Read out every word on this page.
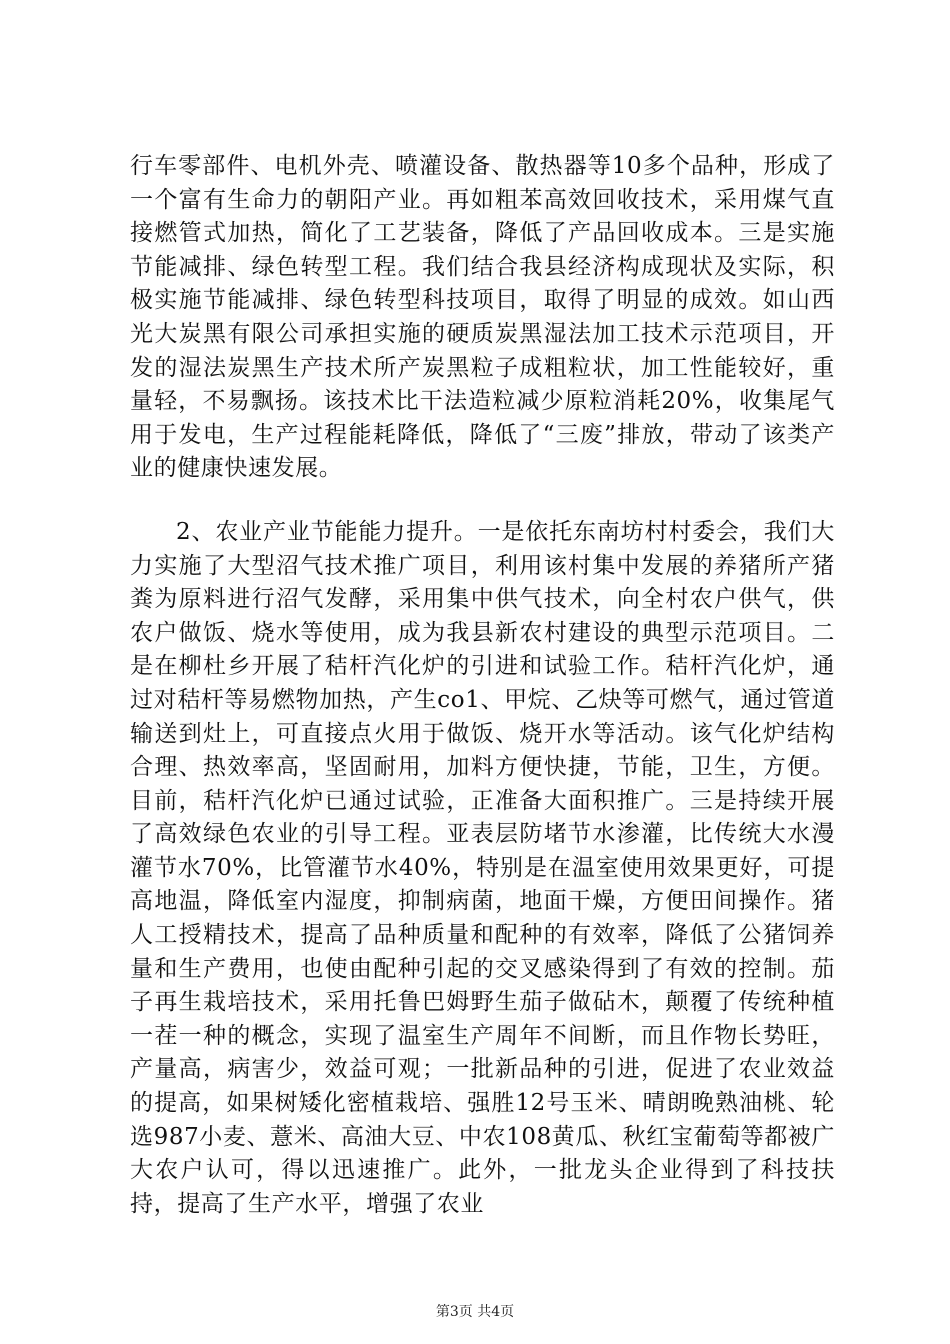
行车零部件、电机外壳、喷灌设备、散热器等10多个品种，形成了一个富有生命力的朝阳产业。再如粗苯高效回收技术，采用煤气直接燃管式加热，简化了工艺装备，降低了产品回收成本。三是实施节能减排、绿色转型工程。我们结合我县经济构成现状及实际，积极实施节能减排、绿色转型科技项目，取得了明显的成效。如山西光大炭黑有限公司承担实施的硬质炭黑湿法加工技术示范项目，开发的湿法炭黑生产技术所产炭黑粒子成粗粒状，加工性能较好，重量轻，不易飘扬。该技术比干法造粒减少原粒消耗20%，收集尾气用于发电，生产过程能耗降低，降低了“三废”排放，带动了该类产业的健康快速发展。

2、农业产业节能能力提升。一是依托东南坊村村委会，我们大力实施了大型沼气技术推广项目，利用该村集中发展的养猪所产猪粪为原料进行沼气发酵，采用集中供气技术，向全村农户供气，供农户做饭、烧水等使用，成为我县新农村建设的典型示范项目。二是在柳杜乡开展了秸杆汽化炉的引进和试验工作。秸杆汽化炉，通过对秸杆等易燃物加热，产生co1、甲烷、乙炔等可燃气，通过管道输送到灶上，可直接点火用于做饭、烧开水等活动。该气化炉结构合理、热效率高，坚固耐用，加料方便快捷，节能，卫生，方便。目前，秸杆汽化炉已通过试验，正准备大面积推广。三是持续开展了高效绿色农业的引导工程。亚表层防堵节水渗灌，比传统大水漫灌节水70%，比管灌节水40%，特别是在温室使用效果更好，可提高地温，降低室内湿度，抑制病菌，地面干燥，方便田间操作。猪人工授精技术，提高了品种质量和配种的有效率，降低了公猪饲养量和生产费用，也使由配种引起的交叉感染得到了有效的控制。茄子再生栽培技术，采用托鲁巴姆野生茄子做砧木，颠覆了传统种植一茬一种的概念，实现了温室生产周年不间断，而且作物长势旺，产量高，病害少，效益可观；一批新品种的引进，促进了农业效益的提高，如果树矮化密植栽培、强胜12号玉米、晴朗晚熟油桃、轮选987小麦、薏米、高油大豆、中农108黄瓜、秋红宝葡萄等都被广大农户认可，得以迅速推广。此外，一批龙头企业得到了科技扶持，提高了生产水平，增强了农业

第3页 共4页
